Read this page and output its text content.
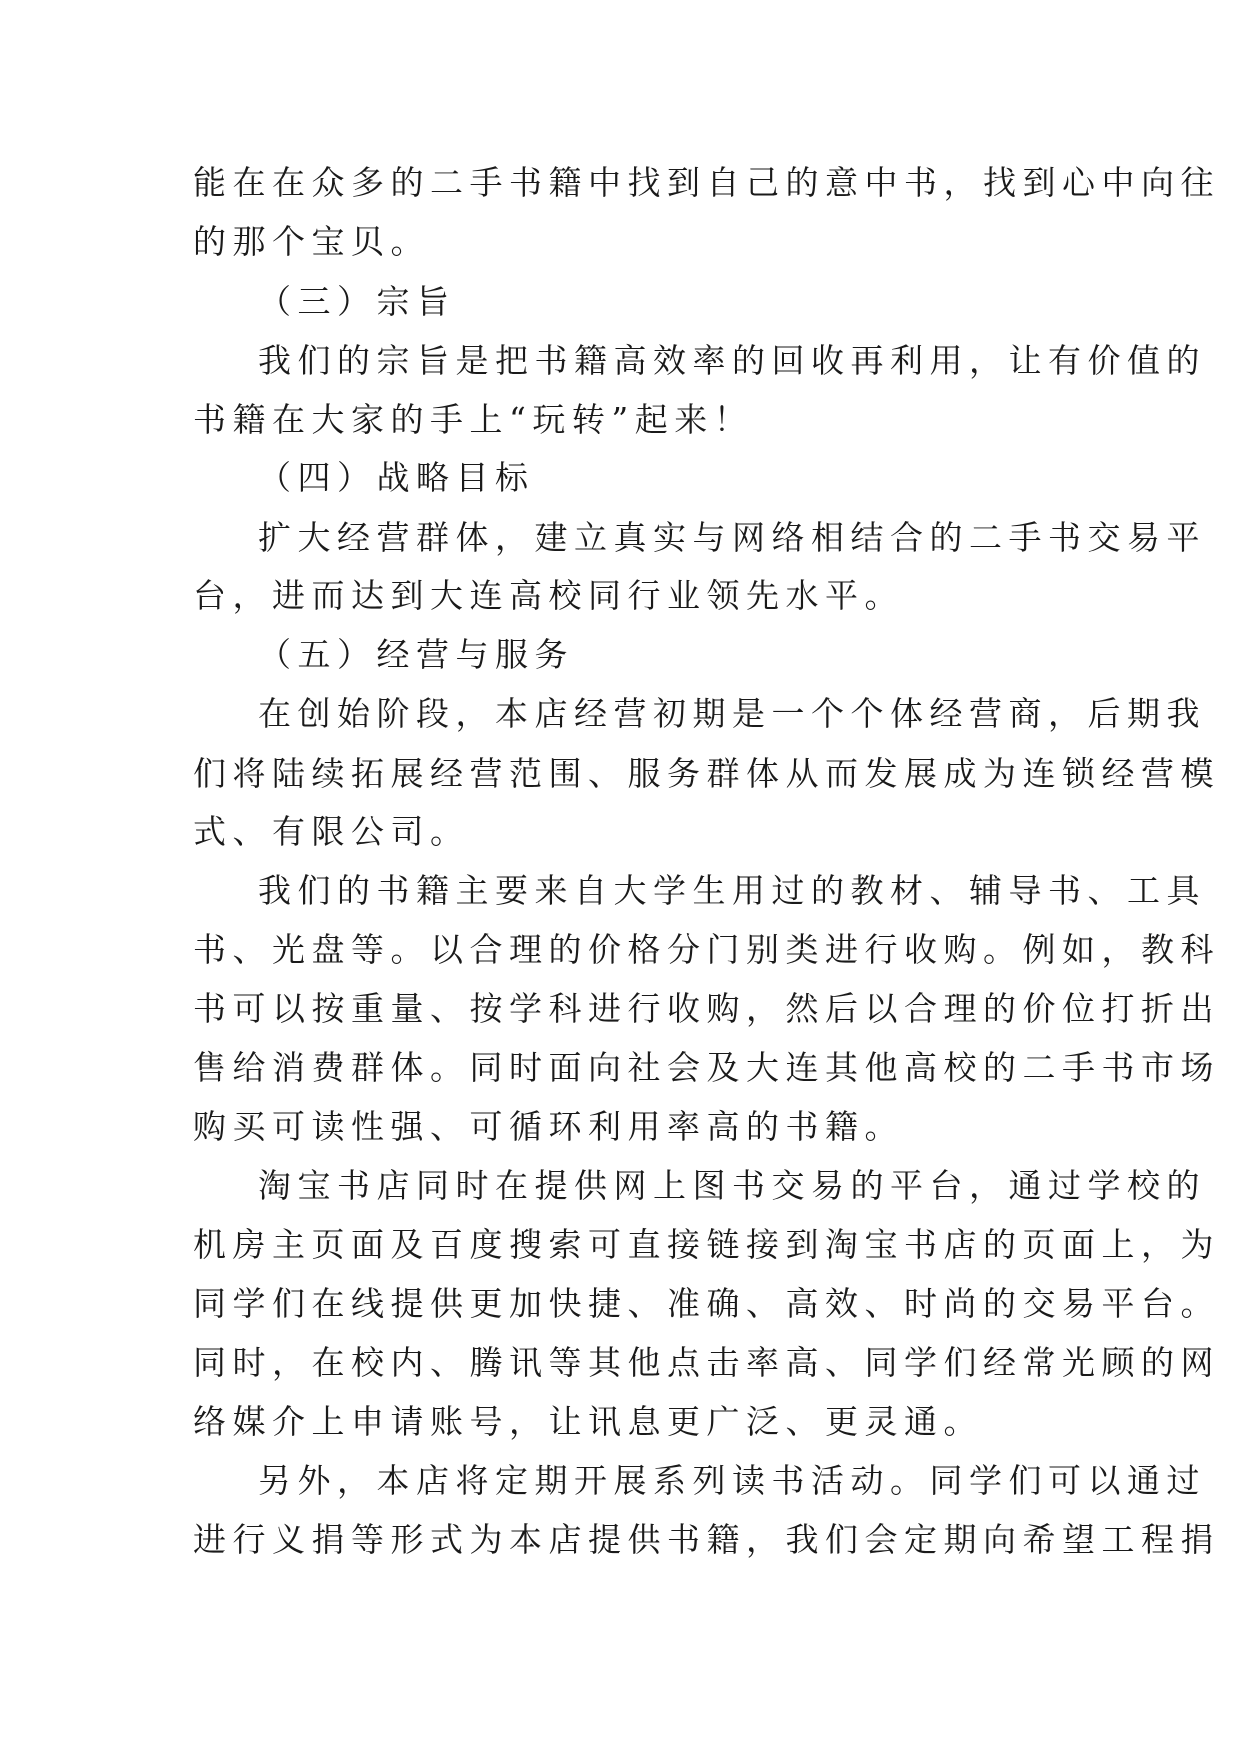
能在在众多的二手书籍中找到自己的意中书，找到心中向往
的那个宝贝。
（三）宗旨
我们的宗旨是把书籍高效率的回收再利用，让有价值的
书籍在大家的手上“玩转”起来！
（四）战略目标
扩大经营群体，建立真实与网络相结合的二手书交易平
台，进而达到大连高校同行业领先水平。
（五）经营与服务
在创始阶段，本店经营初期是一个个体经营商，后期我
们将陆续拓展经营范围、服务群体从而发展成为连锁经营模
式、有限公司。
我们的书籍主要来自大学生用过的教材、辅导书、工具
书、光盘等。以合理的价格分门别类进行收购。例如，教科
书可以按重量、按学科进行收购，然后以合理的价位打折出
售给消费群体。同时面向社会及大连其他高校的二手书市场
购买可读性强、可循环利用率高的书籍。
淘宝书店同时在提供网上图书交易的平台，通过学校的
机房主页面及百度搜索可直接链接到淘宝书店的页面上，为
同学们在线提供更加快捷、准确、高效、时尚的交易平台。
同时，在校内、腾讯等其他点击率高、同学们经常光顾的网
络媒介上申请账号，让讯息更广泛、更灵通。
另外，本店将定期开展系列读书活动。同学们可以通过
进行义捐等形式为本店提供书籍，我们会定期向希望工程捐
